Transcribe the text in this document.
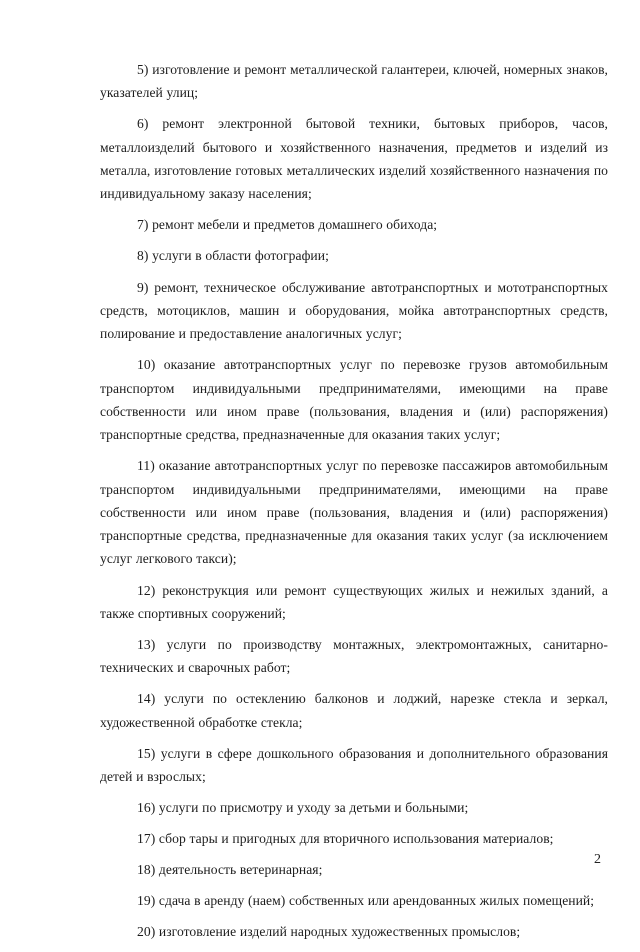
5) изготовление и ремонт металлической галантереи, ключей, номерных знаков, указателей улиц;

6) ремонт электронной бытовой техники, бытовых приборов, часов, металлоизделий бытового и хозяйственного назначения, предметов и изделий из металла, изготовление готовых металлических изделий хозяйственного назначения по индивидуальному заказу населения;

7) ремонт мебели и предметов домашнего обихода;

8) услуги в области фотографии;

9) ремонт, техническое обслуживание автотранспортных и мототранспортных средств, мотоциклов, машин и оборудования, мойка автотранспортных средств, полирование и предоставление аналогичных услуг;

10) оказание автотранспортных услуг по перевозке грузов автомобильным транспортом индивидуальными предпринимателями, имеющими на праве собственности или ином праве (пользования, владения и (или) распоряжения) транспортные средства, предназначенные для оказания таких услуг;

11) оказание автотранспортных услуг по перевозке пассажиров автомобильным транспортом индивидуальными предпринимателями, имеющими на праве собственности или ином праве (пользования, владения и (или) распоряжения) транспортные средства, предназначенные для оказания таких услуг (за исключением услуг легкового такси);

12) реконструкция или ремонт существующих жилых и нежилых зданий, а также спортивных сооружений;

13) услуги по производству монтажных, электромонтажных, санитарно-технических и сварочных работ;

14) услуги по остеклению балконов и лоджий, нарезке стекла и зеркал, художественной обработке стекла;

15) услуги в сфере дошкольного образования и дополнительного образования детей и взрослых;

16) услуги по присмотру и уходу за детьми и больными;

17) сбор тары и пригодных для вторичного использования материалов;

18) деятельность ветеринарная;

19) сдача в аренду (наем) собственных или арендованных жилых помещений;

20) изготовление изделий народных художественных промыслов;

2
